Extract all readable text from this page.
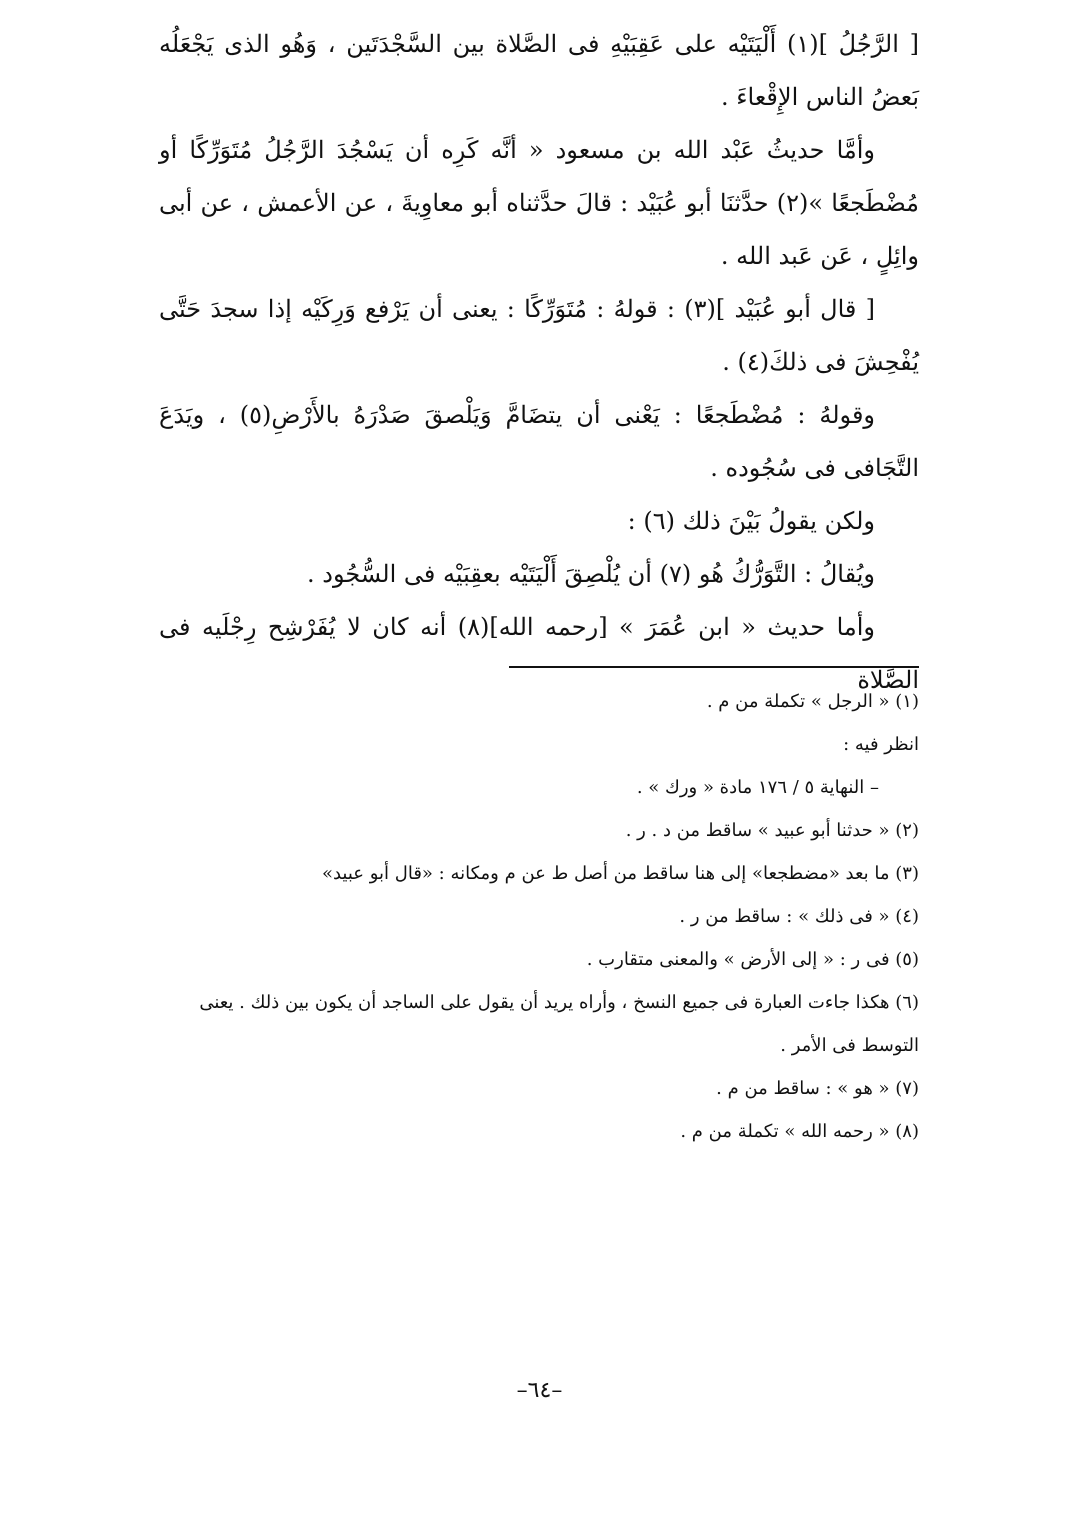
[ الرَّجُلُ ](١) أَلْيَتَيْه على عَقِبَيْهِ فى الصَّلاة بين السَّجْدَتَين ، وَهُو الذى يَجْعَلُه بَعضُ الناس الإِقْعاءَ .

وأمَّا حديثُ عَبْد الله بن مسعود « أنَّه كَرِه أن يَسْجُدَ الرَّجُلُ مُتَوَرِّكًا أو مُضْطَجعًا »(٢) حدَّثنَا أبو عُبَيْد : قالَ حدَّثناه أبو معاوِيةَ ، عن الأعمش ، عن أبى وائِلٍ ، عَن عَبد الله .

[ قال أبو عُبَيْد ](٣) : قولهُ : مُتَوَرِّكًا : يعنى أن يَرْفع وَرِكَيْه إذا سجدَ حَتَّى يُفْحِشَ فى ذلكَ(٤) .

وقولهُ : مُضْطَجعًا : يَعْنى أن يتضَامَّ وَيَلْصقَ صَدْرَهُ بالأَرْضِ(٥) ، ويَدَعَ التَّجَافى فى سُجُوده .

ولكن يقولُ بَيْنَ ذلك (٦) :

ويُقالُ : التَّوَرُّكُ هُو (٧) أن يُلْصِقَ أَلْيَتَيْه بعقِبَيْه فى السُّجُود .

وأما حديث « ابن عُمَرَ » [رحمه الله](٨) أنه كان لا يُفَرْشِح رِجْلَيه فى الصَّلاة

(١) « الرجل » تكملة من م .

انظر فيه :

– النهاية ٥ / ١٧٦ مادة « ورك » .

(٢) « حدثنا أبو عبيد » ساقط من د . ر .

(٣) ما بعد «مضطجعا» إلى هنا ساقط من أصل ط عن م ومكانه : «قال أبو عبيد»

(٤) « فى ذلك » : ساقط من ر .

(٥) فى ر : « إلى الأرض » والمعنى متقارب .

(٦) هكذا جاءت العبارة فى جميع النسخ ، وأراه يريد أن يقول على الساجد أن يكون بين ذلك . يعنى التوسط فى الأمر .

(٧) « هو » : ساقط من م .

(٨) « رحمه الله » تكملة من م .

–٦٤–
